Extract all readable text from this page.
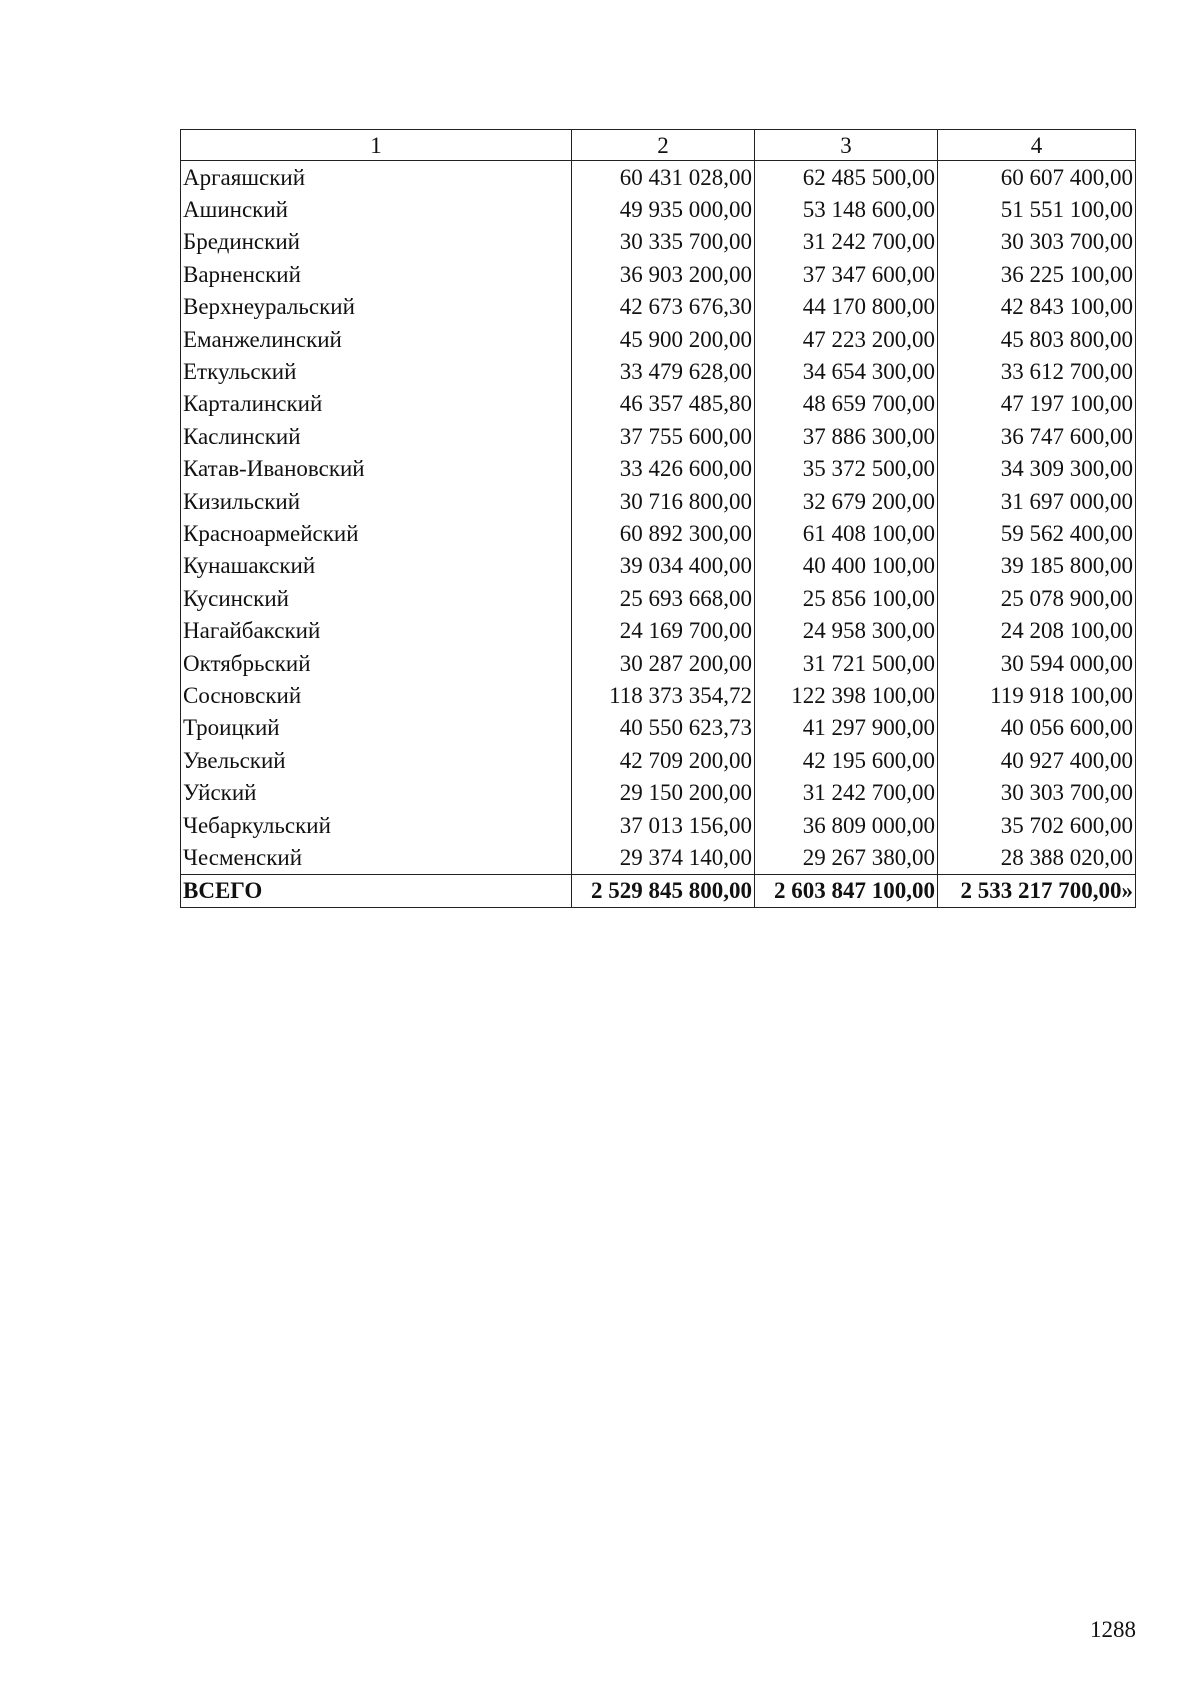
1	2	3	4
Аргаяшский	60 431 028,00	62 485 500,00	60 607 400,00
Ашинский	49 935 000,00	53 148 600,00	51 551 100,00
Брединский	30 335 700,00	31 242 700,00	30 303 700,00
Варненский	36 903 200,00	37 347 600,00	36 225 100,00
Верхнеуральский	42 673 676,30	44 170 800,00	42 843 100,00
Еманжелинский	45 900 200,00	47 223 200,00	45 803 800,00
Еткульский	33 479 628,00	34 654 300,00	33 612 700,00
Карталинский	46 357 485,80	48 659 700,00	47 197 100,00
Каслинский	37 755 600,00	37 886 300,00	36 747 600,00
Катав-Ивановский	33 426 600,00	35 372 500,00	34 309 300,00
Кизильский	30 716 800,00	32 679 200,00	31 697 000,00
Красноармейский	60 892 300,00	61 408 100,00	59 562 400,00
Кунашакский	39 034 400,00	40 400 100,00	39 185 800,00
Кусинский	25 693 668,00	25 856 100,00	25 078 900,00
Нагайбакский	24 169 700,00	24 958 300,00	24 208 100,00
Октябрьский	30 287 200,00	31 721 500,00	30 594 000,00
Сосновский	118 373 354,72	122 398 100,00	119 918 100,00
Троицкий	40 550 623,73	41 297 900,00	40 056 600,00
Увельский	42 709 200,00	42 195 600,00	40 927 400,00
Уйский	29 150 200,00	31 242 700,00	30 303 700,00
Чебаркульский	37 013 156,00	36 809 000,00	35 702 600,00
Чесменский	29 374 140,00	29 267 380,00	28 388 020,00
ВСЕГО	2 529 845 800,00	2 603 847 100,00	2 533 217 700,00»
1288
